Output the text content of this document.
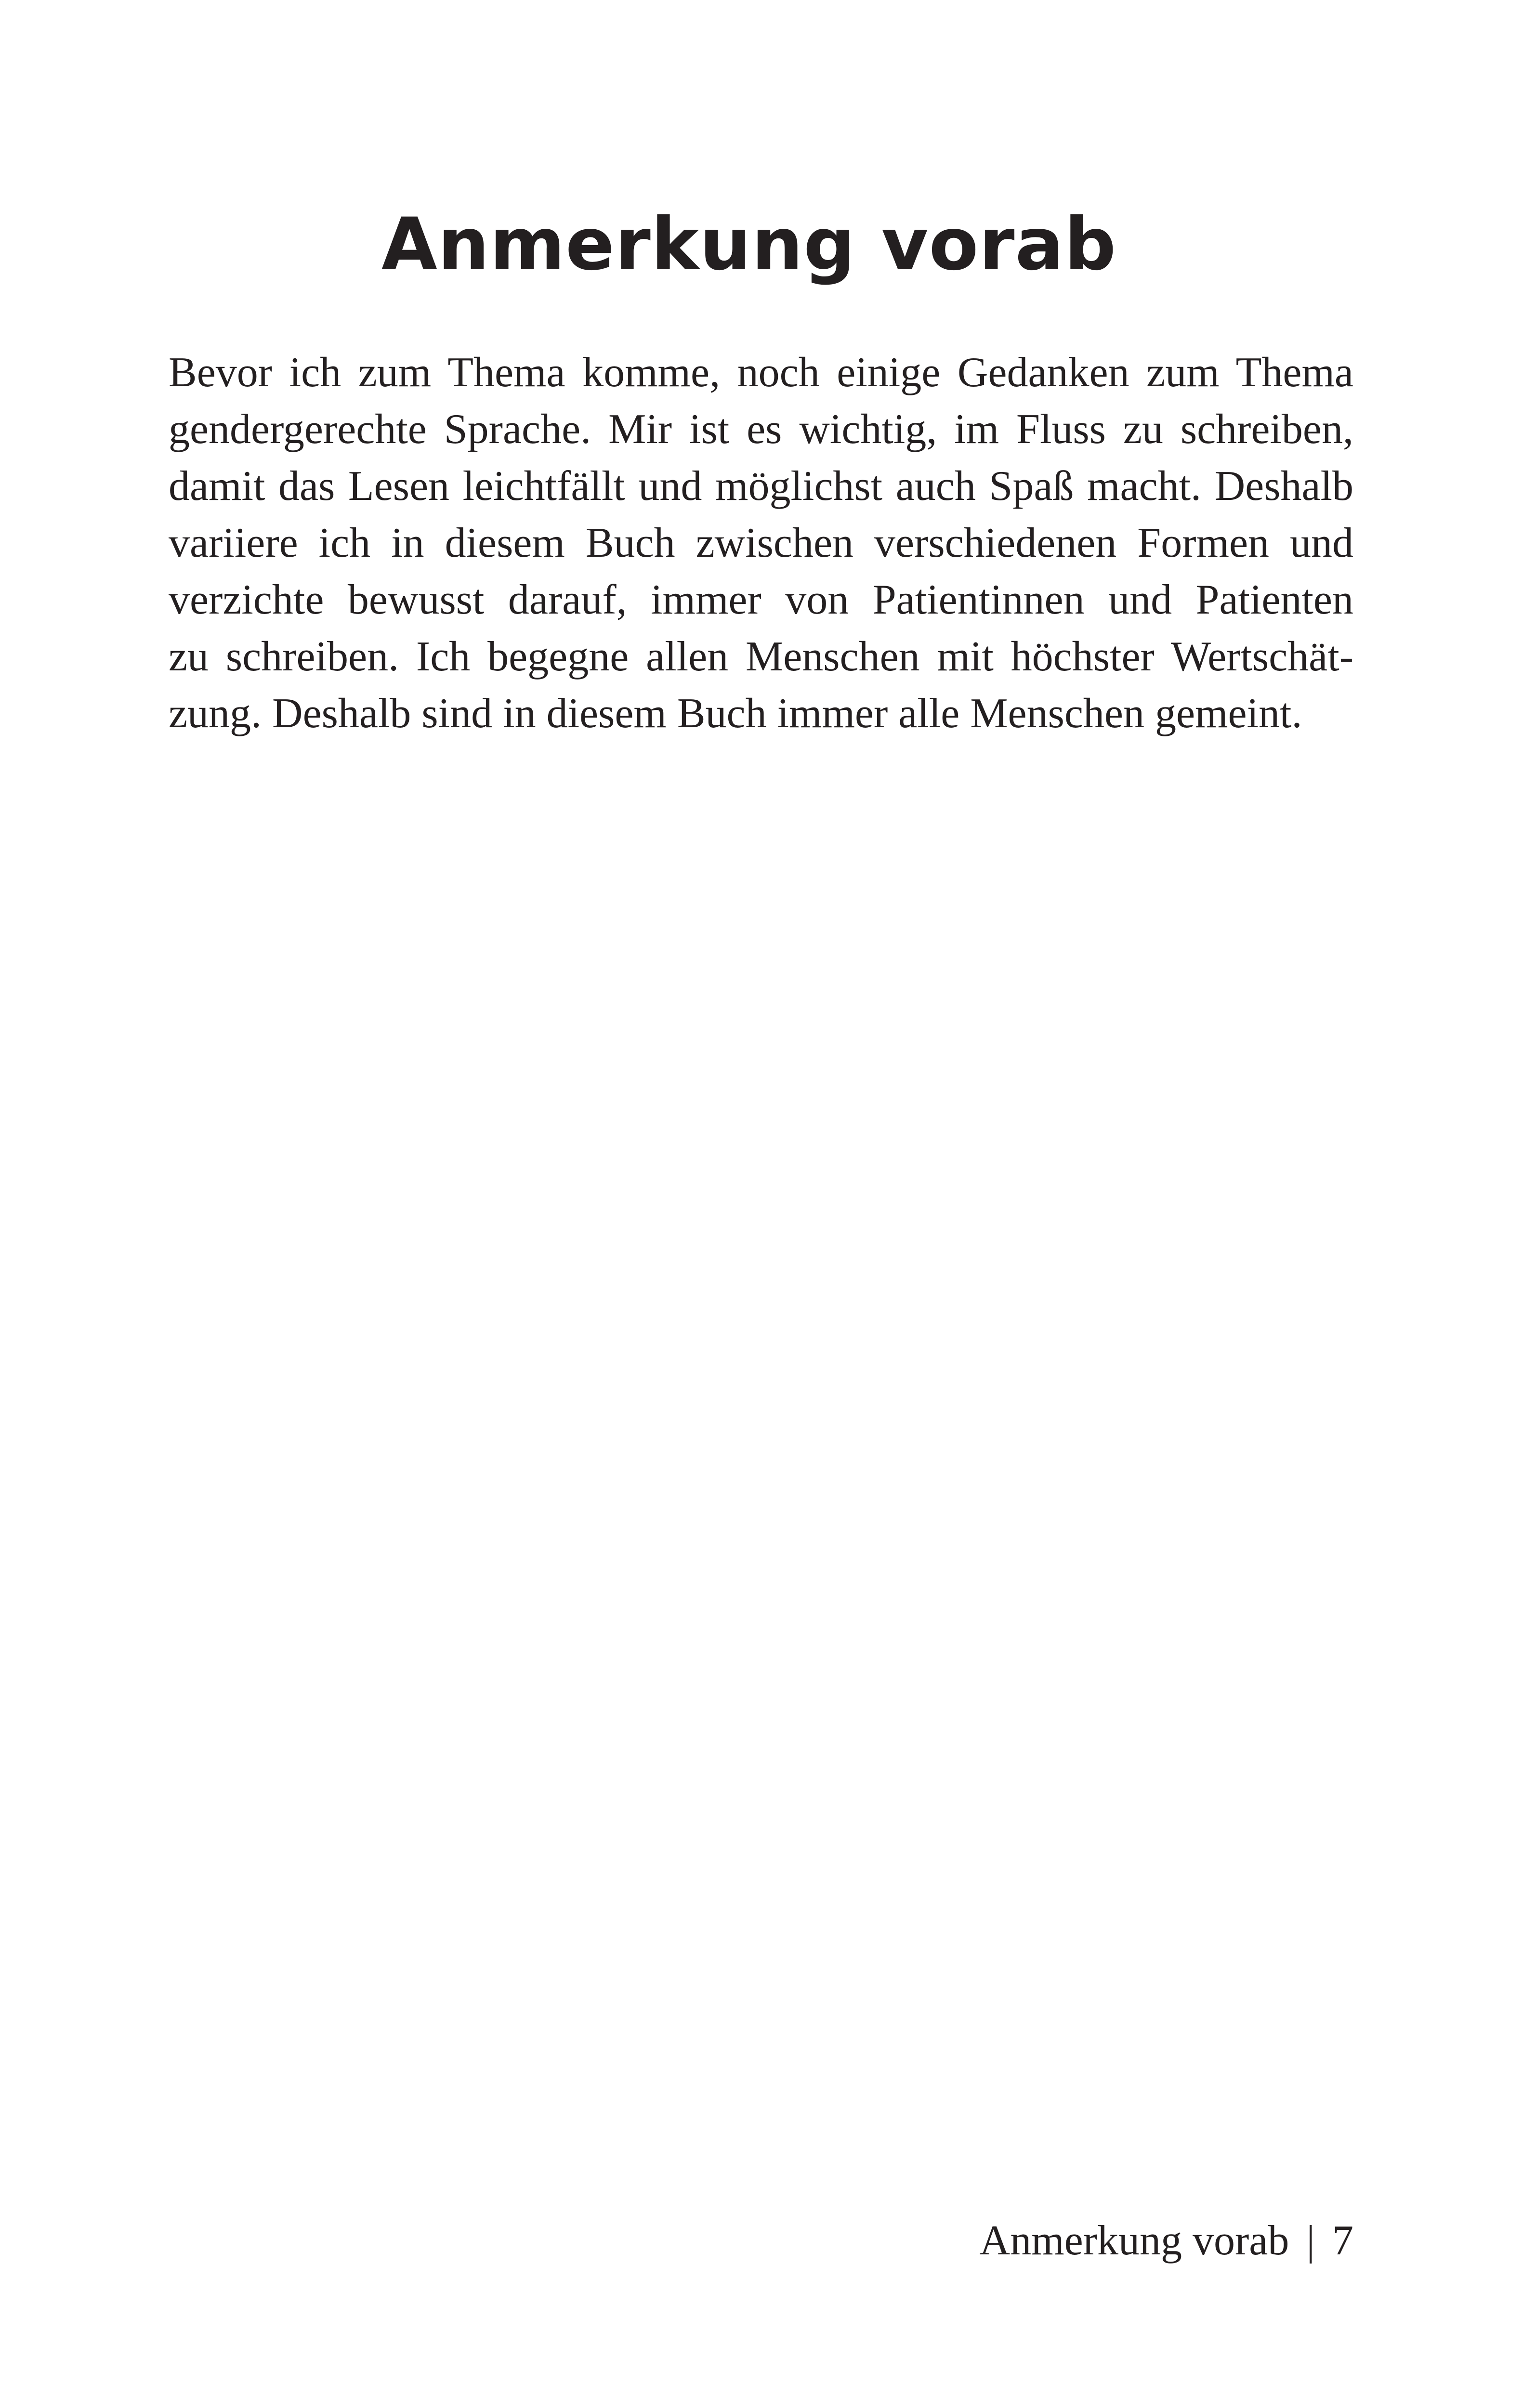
Anmerkung vorab
Bevor ich zum Thema komme, noch einige Gedanken zum Thema
gendergerechte Sprache. Mir ist es wichtig, im Fluss zu schreiben,
damit das Lesen leichtfällt und möglichst auch Spaß macht. Deshalb
variiere ich in diesem Buch zwischen verschiedenen Formen und
verzichte bewusst darauf, immer von Patientinnen und Patienten
zu schreiben. Ich begegne allen Menschen mit höchster Wertschät-
zung. Deshalb sind in diesem Buch immer alle Menschen gemeint.
Anmerkung vorab | 7
